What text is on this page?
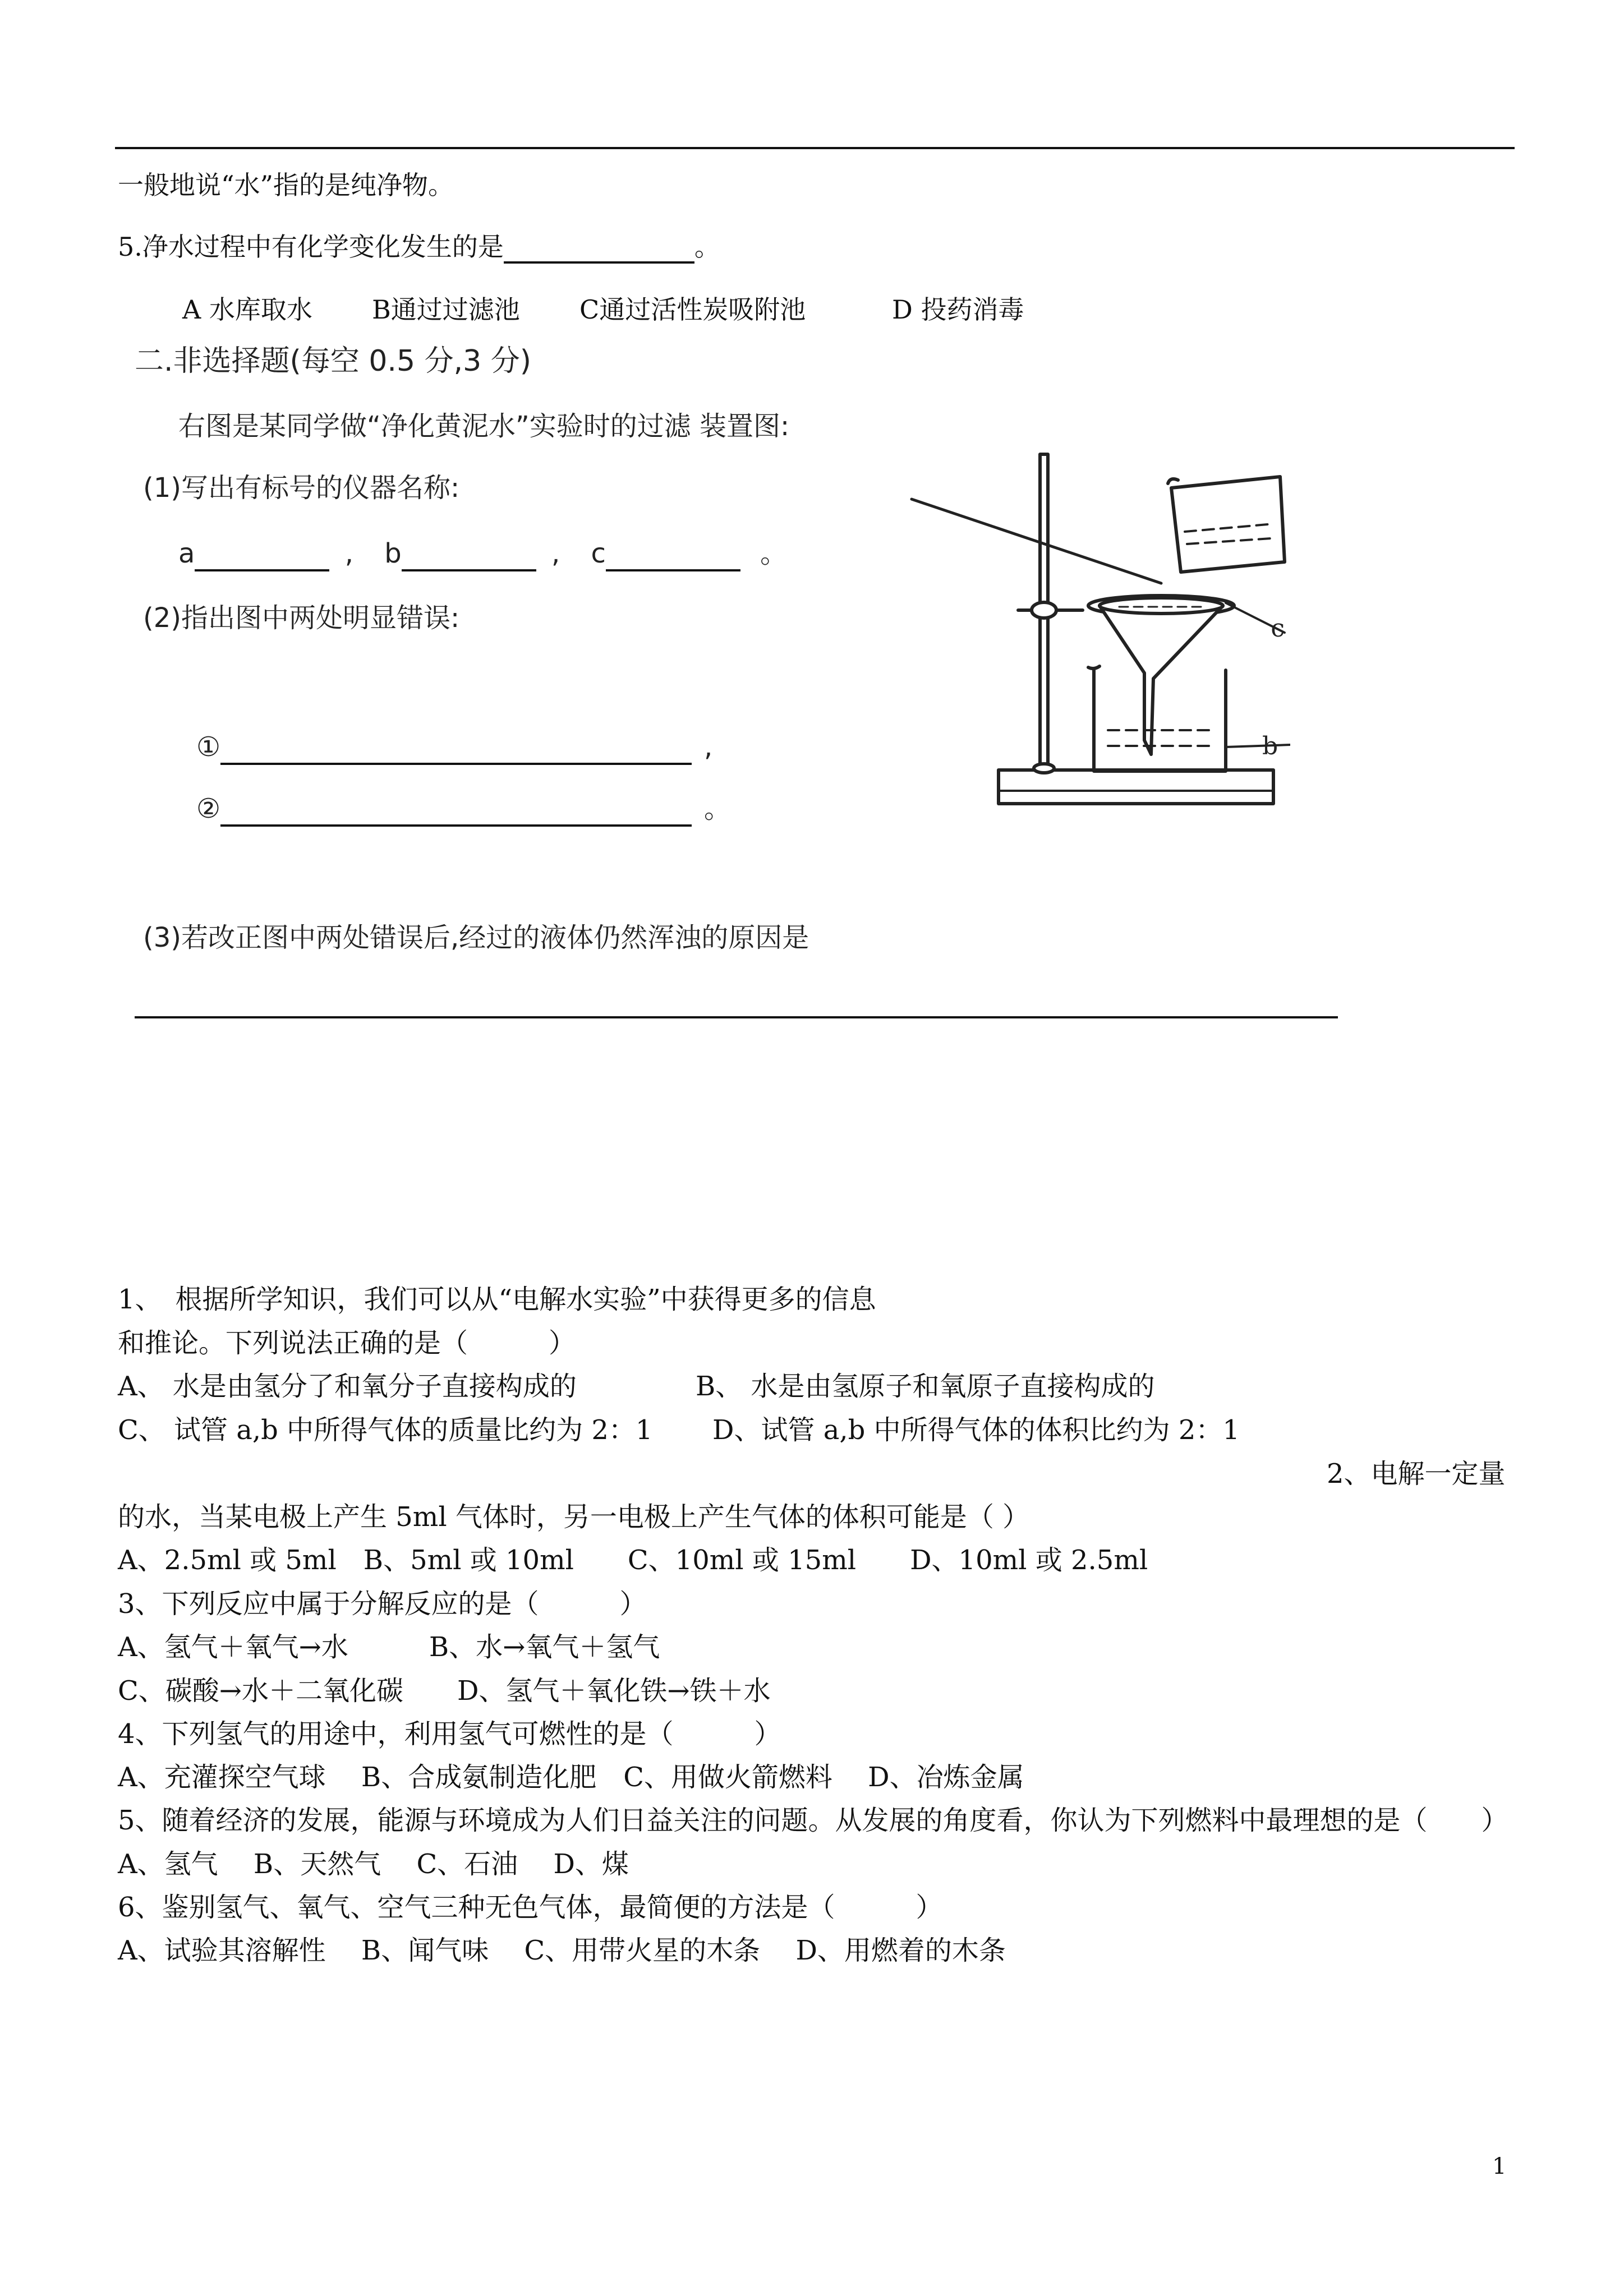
一般地说“水”指的是纯净物。
5.净水过程中有化学变化发生的是	。
A 水库取水 B通过过滤池 C通过活性炭吸附池	D 投药消毒
二.非选择题(每空 0.5 分,3 分)
右图是某同学做“净化黄泥水”实验时的过滤 装置图:
(1)写出有标号的仪器名称:
a	, b	, c	。
(2)指出图中两处明显错误:
①	,
②	。
(3)若改正图中两处错误后,经过的液体仍然浑浊的原因是
c
b
1、　根据所学知识，我们可以从“电解水实验”中获得更多的信息
和推论。下列说法正确的是（　　　）
A、 水是由氢分了和氧分子直接构成的	B、 水是由氢原子和氧原子直接构成的
C、 试管 a,b 中所得气体的质量比约为 2：1 D、试管 a,b 中所得气体的体积比约为 2：1
2、电解一定量
的水，当某电极上产生 5ml 气体时，另一电极上产生气体的体积可能是（ ）
A、2.5ml 或 5ml　B、5ml 或 10ml　　C、10ml 或 15ml　　D、10ml 或 2.5ml
3、下列反应中属于分解反应的是（　　　）
A、氢气＋氧气→水　　　B、水→氧气＋氢气
C、碳酸→水＋二氧化碳　　D、氢气＋氧化铁→铁＋水
4、下列氢气的用途中，利用氢气可燃性的是（　　　）
A、充灌探空气球　 B、合成氨制造化肥　C、用做火箭燃料　 D、冶炼金属
5、随着经济的发展，能源与环境成为人们日益关注的问题。从发展的角度看，你认为下列燃料中最理想的是（　　）
A、氢气　 B、天然气　 C、石油　 D、煤
6、鉴别氢气、氧气、空气三种无色气体，最简便的方法是（　　　）
A、试验其溶解性　 B、闻气味　 C、用带火星的木条　 D、用燃着的木条
1
